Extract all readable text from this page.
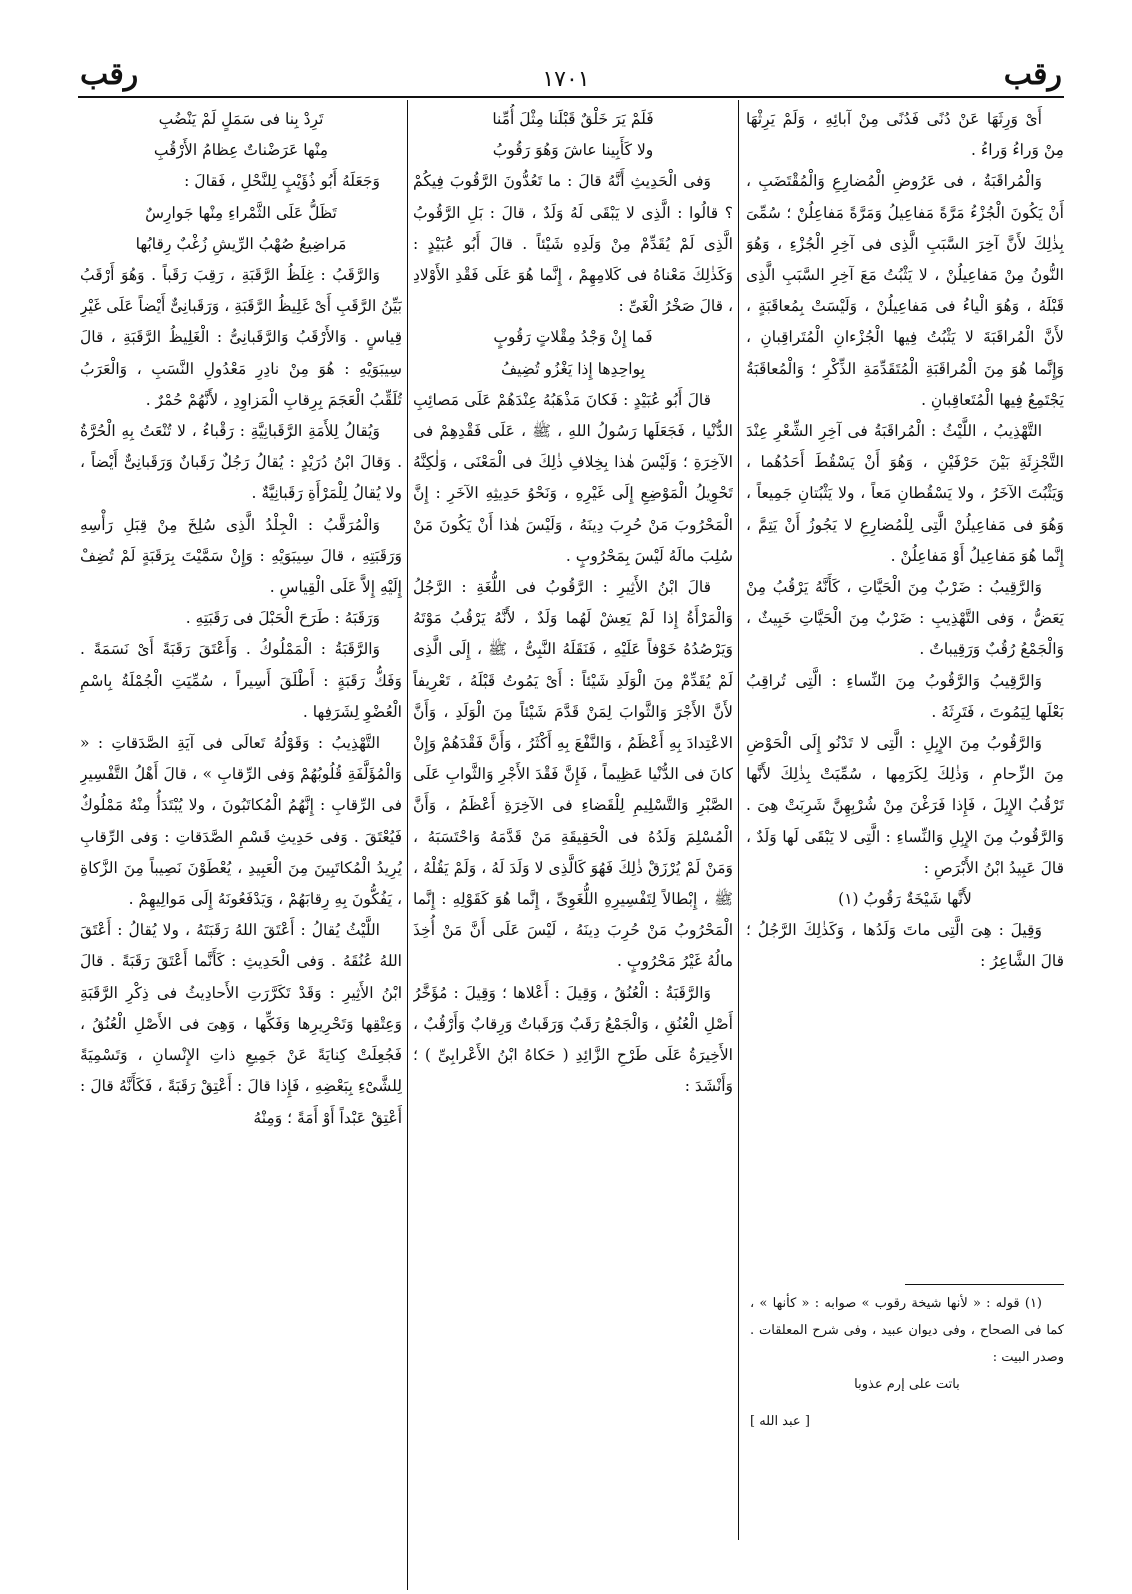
رقب
١٧٠١
رقب

أَىْ وَرِثَهَا عَنْ دُنًى فَدُنًى مِنْ آبائِهِ ، وَلَمْ يَرِثْهَا مِنْ وَراءُ وَراءُ .

وَالْمُراقَبَةُ ، فى عَرُوضِ الْمُضارِعِ وَالْمُقْتَضَبِ ، أَنْ يَكُونَ الْجُزْءُ مَرَّةً مَفاعِيلُ وَمَرَّةً مَفاعِلُنْ ؛ سُمِّىَ بِذٰلِكَ لأَنَّ آخِرَ السَّبَبِ الَّذِى فى آخِرِ الْجُزْءِ ، وَهُوَ النُّونُ مِنْ مَفاعِيلُنْ ، لا يَثْبُتُ مَعَ آخِرِ السَّبَبِ الَّذِى قَبْلَهُ ، وَهُوَ الْياءُ فى مَفاعِيلُنْ ، وَلَيْسَتْ بِمُعاقَبَةٍ ، لأَنَّ الْمُراقَبَةَ لا يَثْبُتُ فِيها الْجُزْءانِ الْمُتَراقِبانِ ، وَإِنَّما هُوَ مِنَ الْمُراقَبَةِ الْمُتَقَدِّمَةِ الذِّكْرِ ؛ وَالْمُعاقَبَةُ يَجْتَمِعُ فِيها الْمُتَعاقِبانِ .

التَّهْذِيبُ ، اللَّيْثُ : الْمُراقَبَةُ فى آخِرِ الشِّعْرِ عِنْدَ التَّجْزِئَةِ بَيْنَ حَرْفَيْنِ ، وَهُوَ أَنْ يَسْقُطَ أَحَدُهُما ، وَيَثْبُتَ الآخَرُ ، ولا يَسْقُطانِ مَعاً ، ولا يَثْبُتانِ جَمِيعاً ، وَهُوَ فى مَفاعِيلُنْ الَّتِى لِلْمُضارِعِ لا يَجُوزُ أَنْ يَتِمَّ ، إِنَّما هُوَ مَفاعِيلُ أَوْ مَفاعِلُنْ .

وَالرَّقِيبُ : ضَرْبٌ مِنَ الْحَيَّاتِ ، كَأَنَّهُ يَرْقُبُ مِنْ يَعَضُّ ، وَفى التَّهْذِيبِ : ضَرْبٌ مِنَ الْحَيَّاتِ خَبِيثٌ ، وَالْجَمْعُ رُقُبٌ وَرَقِيباتٌ .

وَالرَّقِيبُ وَالرَّقُوبُ مِنَ النِّساءِ : الَّتِى تُراقِبُ بَعْلَها لِيَمُوتَ ، فَتَرِثَهُ .

وَالرَّقُوبُ مِنَ الإِبِلِ : الَّتِى لا تَدْنُو إِلَى الْحَوْضِ مِنَ الزِّحامِ ، وَذٰلِكَ لِكَرَمِها ، سُمِّيَتْ بِذٰلِكَ لأَنَّها تَرْقُبُ الإِبِلَ ، فَإِذا فَرَغْنَ مِنْ شُرْبِهِنَّ شَرِبَتْ هِىَ . وَالرَّقُوبُ مِنَ الإِبِلِ وَالنِّساءِ : الَّتِى لا يَبْقَى لَها وَلَدٌ ، قالَ عَبِيدُ ابْنُ الأَبْرَصِ :

لأَنَّها شَيْخَةٌ رَقُوبُ (١)

وَقِيلَ : هِىَ الَّتِى ماتَ وَلَدُها ، وَكَذٰلِكَ الرَّجُلُ ؛ قالَ الشَّاعِرُ :

(١) قوله : « لأنها شيخة رقوب » صوابه : « كأنها » ، كما فى الصحاح ، وفى ديوان عبيد ، وفى شرح المعلقات . وصدر البيت :

باتت على إرم عذوبا

[ عبد الله ]

فَلَمْ يَرَ خَلْقٌ قَبْلَنا مِثْلَ أُمِّنا

ولا كَأَبِينا عاشَ وَهُوَ رَقُوبُ

وَفى الْحَدِيثِ أَنَّهُ قالَ : ما تَعُدُّونَ الرَّقُوبَ فِيكُمْ ؟ قالُوا : الَّذِى لا يَبْقَى لَهُ وَلَدٌ ، قالَ : بَلِ الرَّقُوبُ الَّذِى لَمْ يُقَدِّمْ مِنْ وَلَدِهِ شَيْئاً . قالَ أَبُو عُبَيْدٍ : وَكَذٰلِكَ مَعْناهُ فى كَلامِهِمْ ، إِنَّما هُوَ عَلَى فَقْدِ الأَوْلادِ ، قالَ صَخْرُ الْغَىِّ :

فَما إِنْ وَجْدُ مِقْلاتٍ رَقُوبٍ

بِواحِدِها إِذا يَغْزُو تُضِيفُ

قالَ أَبُو عُبَيْدٍ : فَكانَ مَذْهَبُهُ عِنْدَهُمْ عَلَى مَصائِبِ الدُّنْيا ، فَجَعَلَها رَسُولُ اللهِ ، ﷺ ، عَلَى فَقْدِهِمْ فى الآخِرَةِ ؛ وَلَيْسَ هٰذا بِخِلافِ ذٰلِكَ فى الْمَعْنَى ، وَلٰكِنَّهُ تَحْوِيلُ الْمَوْضِعِ إِلَى غَيْرِهِ ، وَنَحْوُ حَدِيثِهِ الآخَرِ : إِنَّ الْمَحْرُوبَ مَنْ حُرِبَ دِينَهُ ، وَلَيْسَ هٰذا أَنْ يَكُونَ مَنْ سُلِبَ مالَهُ لَيْسَ بِمَحْرُوبٍ .

قالَ ابْنُ الأَثِيرِ : الرَّقُوبُ فى اللُّغَةِ : الرَّجُلُ وَالْمَرْأَةُ إِذا لَمْ يَعِشْ لَهُما وَلَدٌ ، لأَنَّهُ يَرْقُبُ مَوْتَهُ وَيَرْصُدُهُ خَوْفاً عَلَيْهِ ، فَنَقَلَهُ النَّبِىُّ ، ﷺ ، إِلَى الَّذِى لَمْ يُقَدِّمْ مِنَ الْوَلَدِ شَيْئاً : أَىْ يَمُوتُ قَبْلَهُ ، تَعْرِيفاً لأَنَّ الأَجْرَ وَالثَّوابَ لِمَنْ قَدَّمَ شَيْئاً مِنَ الْوَلَدِ ، وَأَنَّ الاعْتِدادَ بِهِ أَعْظَمُ ، وَالنَّفْعَ بِهِ أَكْثَرُ ، وَأَنَّ فَقْدَهُمْ وَإِنْ كانَ فى الدُّنْيا عَظِيماً ، فَإِنَّ فَقْدَ الأَجْرِ وَالثَّوابِ عَلَى الصَّبْرِ وَالتَّسْلِيمِ لِلْقَضاءِ فى الآخِرَةِ أَعْظَمُ ، وَأَنَّ الْمُسْلِمَ وَلَدُهُ فى الْحَقِيقَةِ مَنْ قَدَّمَهُ وَاحْتَسَبَهُ ، وَمَنْ لَمْ يُرْزَقْ ذٰلِكَ فَهُوَ كَالَّذِى لا وَلَدَ لَهُ ، وَلَمْ يَقُلْهُ ، ﷺ ، إِبْطالاً لِتَفْسِيرِهِ اللُّغَوِىِّ ، إِنَّما هُوَ كَقَوْلِهِ : إِنَّما الْمَحْرُوبُ مَنْ حُرِبَ دِينَهُ ، لَيْسَ عَلَى أَنَّ مَنْ أُخِذَ مالُهُ غَيْرُ مَحْرُوبٍ .

وَالرَّقَبَةُ : الْعُنُقُ ، وَقِيلَ : أَعْلاها ؛ وَقِيلَ : مُؤَخَّرُ أَصْلِ الْعُنُقِ ، وَالْجَمْعُ رَقَبٌ وَرَقَباتٌ وَرِقابٌ وَأَرْقُبٌ ، الأَخِيرَةُ عَلَى طَرْحِ الزَّائِدِ ( حَكاهُ ابْنُ الأَعْرابِىِّ ) ؛ وَأَنْشَدَ :

تَرِدْ بِنا فى سَمَلٍ لَمْ يَنْضُبِ

مِنْها عَرَضْناتٌ عِظامُ الأَرْقُبِ

وَجَعَلَهُ أَبُو ذُؤَيْبٍ لِلنَّحْلِ ، فَقالَ :

تَظَلُّ عَلَى الثَّمْراءِ مِنْها جَوارِسٌ

مَراضِيعُ صُهْبُ الرِّيشِ زُغْبٌ رِقابُها

وَالرَّقَبُ : غِلَظُ الرَّقَبَةِ ، رَقِبَ رَقَباً . وَهُوَ أَرْقَبُ بَيِّنُ الرَّقَبِ أَىْ غَلِيظُ الرَّقَبَةِ ، وَرَقَبانِىٌّ أَيْضاً عَلَى غَيْرِ قِياسٍ . وَالأَرْقَبُ وَالرَّقَبانِىُّ : الْغَلِيظُ الرَّقَبَةِ ، قالَ سِيبَوَيْهِ : هُوَ مِنْ نادِرِ مَعْدُولِ النَّسَبِ ، وَالْعَرَبُ تُلَقِّبُ الْعَجَمَ بِرِقابِ الْمَزاوِدِ ، لأَنَّهُمْ حُمْرٌ .

وَيُقالُ لِلأَمَةِ الرَّقَبانِيَّةِ : رَقْباءُ ، لا تُنْعَتُ بِهِ الْحُرَّةُ . وَقالَ ابْنُ دُرَيْدٍ : يُقالُ رَجُلٌ رَقَبانٌ وَرَقَبانِىٌّ أَيْضاً ، ولا يُقالُ لِلْمَرْأَةِ رَقَبانِيَّةٌ .

وَالْمُرَقَّبُ : الْجِلْدُ الَّذِى سُلِخَ مِنْ قِبَلِ رَأْسِهِ وَرَقَبَتِهِ ، قالَ سِيبَوَيْهِ : وَإِنْ سَمَّيْتَ بِرَقَبَةٍ لَمْ تُضِفْ إِلَيْهِ إِلاَّ عَلَى الْقِياسِ .

وَرَقَبَهُ : طَرَحَ الْحَبْلَ فى رَقَبَتِهِ .

وَالرَّقَبَةُ : الْمَمْلُوكُ . وَأَعْتَقَ رَقَبَةً أَىْ نَسَمَةً . وَفَكُّ رَقَبَةٍ : أَطْلَقَ أَسِيراً ، سُمِّيَتِ الْجُمْلَةُ بِاسْمِ الْعُضْوِ لِشَرَفِها .

التَّهْذِيبُ : وَقَوْلُهُ تَعالَى فى آيَةِ الصَّدَقاتِ : « وَالْمُؤَلَّفَةِ قُلُوبُهُمْ وَفى الرِّقابِ » ، قالَ أَهْلُ التَّفْسِيرِ فى الرِّقابِ : إِنَّهُمُ الْمُكاتَبُونَ ، ولا يُبْتَدَأُ مِنْهُ مَمْلُوكٌ فَيُعْتَقَ . وَفى حَدِيثِ قَسْمِ الصَّدَقاتِ : وَفى الرِّقابِ يُرِيدُ الْمُكاتَبِينَ مِنَ الْعَبِيدِ ، يُعْطَوْنَ نَصِيباً مِنَ الزَّكاةِ ، يَفُكُّونَ بِهِ رِقابَهُمْ ، وَيَدْفَعُونَهُ إِلَى مَوالِيهِمْ .

اللَّيْثُ يُقالُ : أَعْتَقَ اللهُ رَقَبَتَهُ ، ولا يُقالُ : أَعْتَقَ اللهُ عُنُقَهُ . وَفى الْحَدِيثِ : كَأَنَّما أَعْتَقَ رَقَبَةً . قالَ ابْنُ الأَثِيرِ : وَقَدْ تَكَرَّرَتِ الأَحادِيثُ فى ذِكْرِ الرَّقَبَةِ وَعِتْقِها وَتَحْرِيرِها وَفَكِّها ، وَهِىَ فى الأَصْلِ الْعُنُقُ ، فَجُعِلَتْ كِنايَةً عَنْ جَمِيعِ ذاتِ الإِنْسانِ ، وَتَسْمِيَةً لِلشَّىْءِ بِبَعْضِهِ ، فَإِذا قالَ : أَعْتِقْ رَقَبَةً ، فَكَأَنَّهُ قالَ : أَعْتِقْ عَبْداً أَوْ أَمَةً ؛ وَمِنْهُ
